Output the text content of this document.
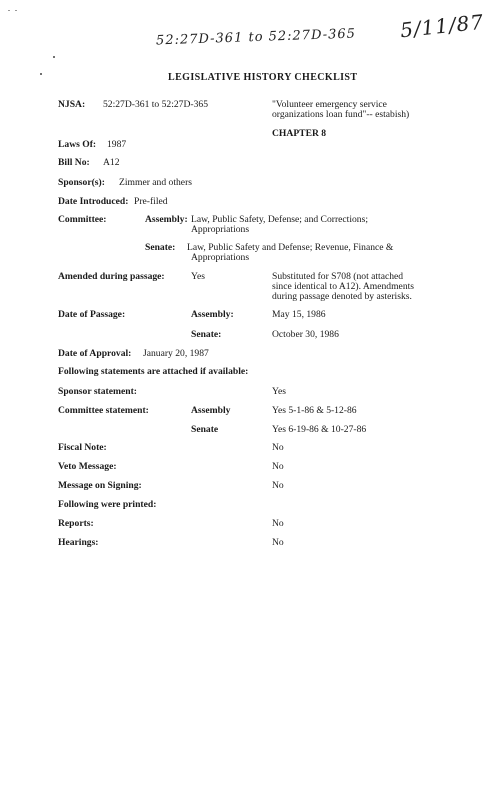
52:27D-361 to 52:27D-365 5/11/87
LEGISLATIVE HISTORY CHECKLIST
NJSA: 52:27D-361 to 52:27D-365	"Volunteer emergency service
organizations loan fund"-- estabish)
CHAPTER 8
Laws Of: 1987
Bill No: A12
Sponsor(s): Zimmer and others
Date Introduced: Pre-filed
Committee:	Assembly: Law, Public Safety, Defense; and Corrections;
Appropriations
Senate: Law, Public Safety and Defense; Revenue, Finance &
Appropriations
Amended during passage:	Yes	Substituted for S708 (not attached
since identical to A12). Amendments
during passage denoted by asterisks.
Date of Passage:	Assembly:	May 15, 1986
Senate:	October 30, 1986
Date of Approval: January 20, 1987
Following statements are attached if available:
Sponsor statement:	Yes
Committee statement:	Assembly	Yes 5-1-86 & 5-12-86
Senate	Yes 6-19-86 & 10-27-86
Fiscal Note:	No
Veto Message:	No
Message on Signing:	No
Following were printed:
Reports:	No
Hearings:	No
